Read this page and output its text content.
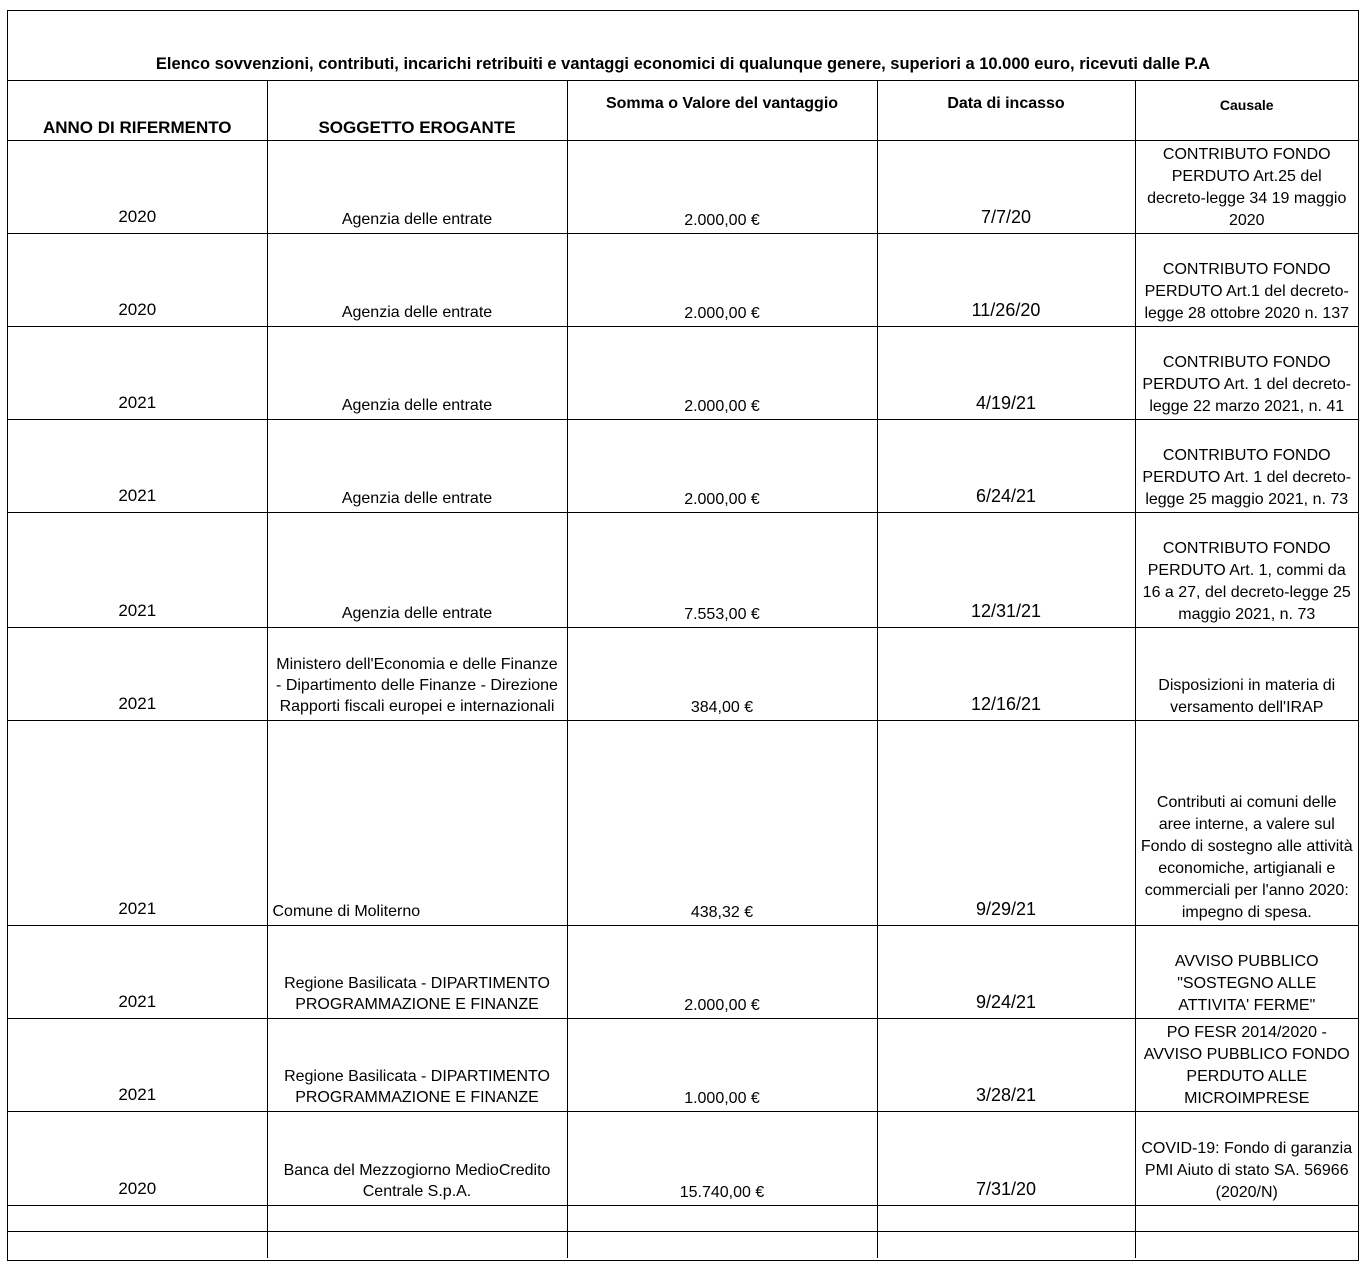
Elenco sovvenzioni, contributi, incarichi retribuiti e vantaggi economici di qualunque genere, superiori a 10.000 euro, ricevuti dalle P.A
ANNO DI RIFERMENTO	SOGGETTO EROGANTE	Somma o Valore del vantaggio	Data di incasso	Causale
2020	Agenzia delle entrate	2.000,00 €	7/7/20	CONTRIBUTO FONDO PERDUTO Art.25 del decreto-legge 34 19 maggio 2020
2020	Agenzia delle entrate	2.000,00 €	11/26/20	CONTRIBUTO FONDO PERDUTO Art.1 del decreto-legge 28 ottobre 2020 n. 137
2021	Agenzia delle entrate	2.000,00 €	4/19/21	CONTRIBUTO FONDO PERDUTO Art. 1 del decreto-legge 22 marzo 2021, n. 41
2021	Agenzia delle entrate	2.000,00 €	6/24/21	CONTRIBUTO FONDO PERDUTO Art. 1 del decreto-legge 25 maggio 2021, n. 73
2021	Agenzia delle entrate	7.553,00 €	12/31/21	CONTRIBUTO FONDO PERDUTO Art. 1, commi da 16 a 27, del decreto-legge 25 maggio 2021, n. 73
2021	Ministero dell'Economia e delle Finanze - Dipartimento delle Finanze - Direzione Rapporti fiscali europei e internazionali	384,00 €	12/16/21	Disposizioni in materia di versamento dell'IRAP
2021	Comune di Moliterno	438,32 €	9/29/21	Contributi ai comuni delle aree interne, a valere sul Fondo di sostegno alle attività economiche, artigianali e commerciali per l'anno 2020: impegno di spesa.
2021	Regione Basilicata - DIPARTIMENTO PROGRAMMAZIONE E FINANZE	2.000,00 €	9/24/21	AVVISO PUBBLICO "SOSTEGNO ALLE ATTIVITA' FERME"
2021	Regione Basilicata - DIPARTIMENTO PROGRAMMAZIONE E FINANZE	1.000,00 €	3/28/21	PO FESR 2014/2020 - AVVISO PUBBLICO FONDO PERDUTO ALLE MICROIMPRESE
2020	Banca del Mezzogiorno MedioCredito Centrale S.p.A.	15.740,00 €	7/31/20	COVID-19: Fondo di garanzia PMI Aiuto di stato SA. 56966 (2020/N)
